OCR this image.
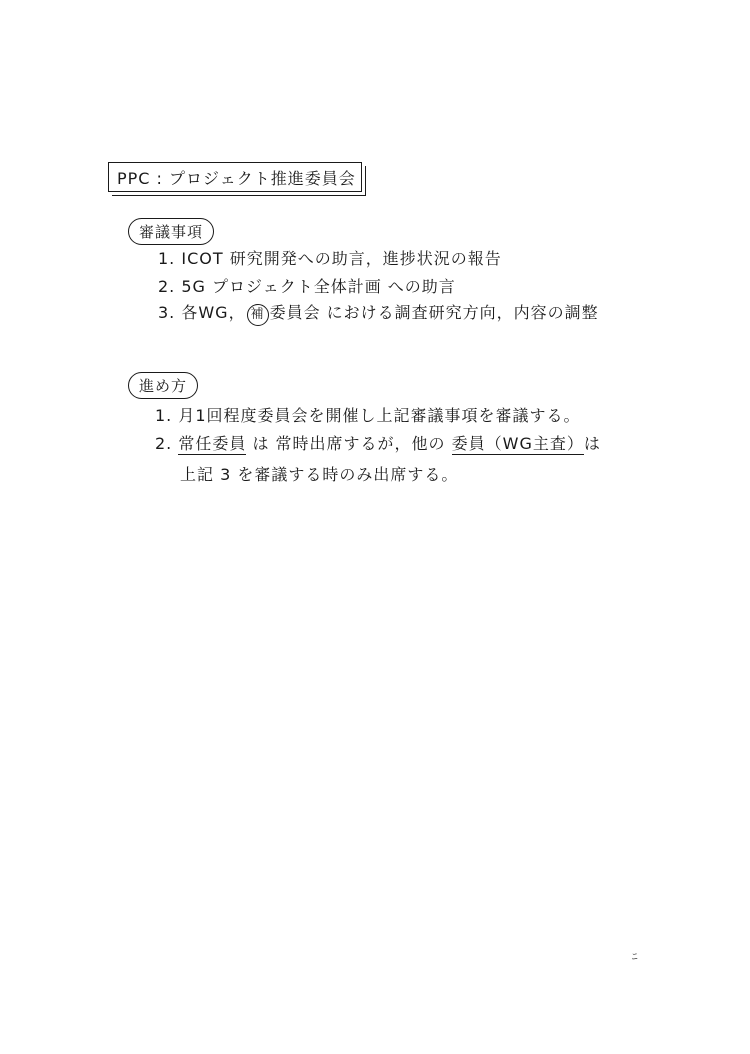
PPC : プロジェクト推進委員会
審議事項
1. ICOT 研究開発への助言，進捗状況の報告
2. 5G プロジェクト全体計画 への助言
3. 各WG， 補 委員会 における調査研究方向，内容の調整
進め方
1. 月1回程度委員会を開催し上記審議事項を審議する。
2. 常任委員 は 常時出席するが，他の 委員（WG主査）は
上記 3 を審議する時のみ出席する。
ﾆ
